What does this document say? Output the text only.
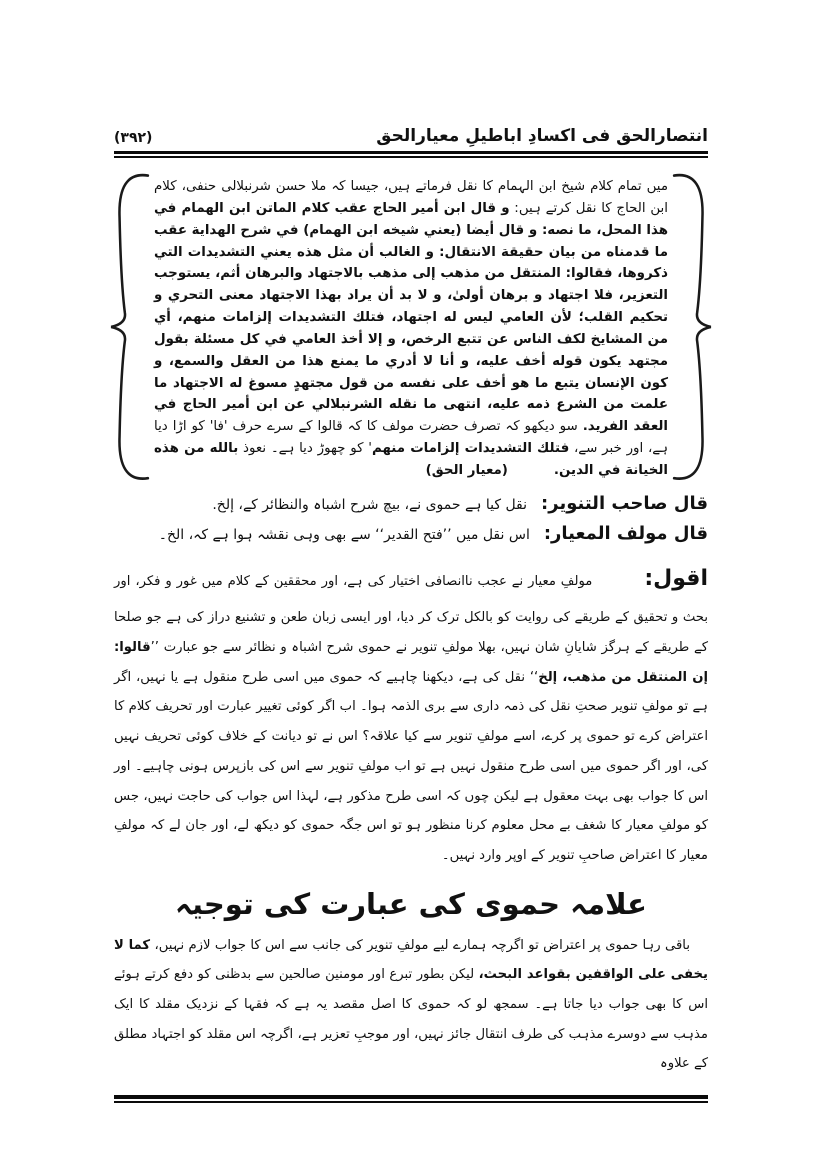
انتصارالحق فی اکسادِ اباطیلِ معیارالحق
(۳۹۲)
میں تمام کلام شیخ ابن الہمام کا نقل فرماتے ہیں، جیسا کہ ملا حسن شرنبلالی حنفی، کلام ابن الحاج کا نقل کرتے ہیں: و قال ابن أمير الحاج عقب كلام الماتن ابن الهمام في هذا المحل، ما نصه: و قال أيضا (يعني شيخه ابن الهمام) في شرح الهداية عقب ما قدمناه من بيان حقيقة الانتقال: و الغالب أن مثل هذه يعني التشديدات التي ذكروها، فقالوا: المنتقل من مذهب إلى مذهب بالاجتهاد والبرهان أثم، يستوجب التعزير، فلا اجتهاد و برهان أولىٰ، و لا بد أن يراد بهذا الاجتهاد معنى التحري و تحكيم القلب؛ لأن العامي ليس له اجتهاد، فتلك التشديدات إلزامات منهم، أي من المشايخ لكف الناس عن تتبع الرخص، و إلا أخذ العامي في كل مسئلة بقول مجتهد يكون قوله أخف عليه، و أنا لا أدري ما يمنع هذا من العقل والسمع، و كون الإنسان يتبع ما هو أخف على نفسه من قول مجتهدٍ مسوغ له الاجتهاد ما علمت من الشرع ذمه عليه، انتهى ما نقله الشرنبلالي عن ابن أمير الحاج في العقد الفريد. سو دیکھو کہ تصرف حضرت مولف کا کہ قالوا کے سرے حرف 'فا' کو اڑا دیا ہے، اور خبر سے، فتلك التشديدات إلزامات منهم' کو چھوڑ دیا ہے۔ نعوذ بالله من هذه الخيانة في الدين.(معیار الحق)
قال صاحب التنویر:
نقل کیا ہے حموی نے، بیچ شرح اشباہ والنظائر کے، إلخ.
قال مولف المعیار:
اس نقل میں ’’فتح القدیر‘‘ سے بھی وہی نقشہ ہوا ہے کہ، الخ۔
اقول:مولفِ معیار نے عجب ناانصافی اختیار کی ہے، اور محققین کے کلام میں غور و فکر، اور بحث و تحقیق کے طریقے کی روایت کو بالکل ترک کر دیا، اور ایسی زبان طعن و تشنیع دراز کی ہے جو صلحا کے طریقے کے ہرگز شایانِ شان نہیں، بھلا مولفِ تنویر نے حموی شرح اشباہ و نظائر سے جو عبارت ’’قالوا: إن المنتقل من مذهب، إلخ‘‘ نقل کی ہے، دیکھنا چاہیے کہ حموی میں اسی طرح منقول ہے یا نہیں، اگر ہے تو مولفِ تنویر صحتِ نقل کی ذمہ داری سے بری الذمہ ہوا۔ اب اگر کوئی تغییر عبارت اور تحریف کلام کا اعتراض کرے تو حموی پر کرے، اسے مولفِ تنویر سے کیا علاقہ؟ اس نے تو دیانت کے خلاف کوئی تحریف نہیں کی، اور اگر حموی میں اسی طرح منقول نہیں ہے تو اب مولفِ تنویر سے اس کی بازپرس ہونی چاہیے۔ اور اس کا جواب بھی بہت معقول ہے لیکن چوں کہ اسی طرح مذکور ہے، لہذا اس جواب کی حاجت نہیں، جس کو مولفِ معیار کا شغف بے محل معلوم کرنا منظور ہو تو اس جگہ حموی کو دیکھ لے، اور جان لے کہ مولفِ معیار کا اعتراض صاحبِ تنویر کے اوپر وارد نہیں۔
علامہ حموی کی عبارت کی توجیہ
باقی رہا حموی پر اعتراض تو اگرچہ ہمارے لیے مولفِ تنویر کی جانب سے اس کا جواب لازم نہیں، كما لا يخفى على الواقفين بقواعد البحث، لیکن بطور تبرع اور مومنین صالحین سے بدظنی کو دفع کرتے ہوئے اس کا بھی جواب دیا جاتا ہے۔ سمجھ لو کہ حموی کا اصل مقصد یہ ہے کہ فقہا کے نزدیک مقلد کا ایک مذہب سے دوسرے مذہب کی طرف انتقال جائز نہیں، اور موجبِ تعزیر ہے، اگرچہ اس مقلد کو اجتہاد مطلق کے علاوہ
